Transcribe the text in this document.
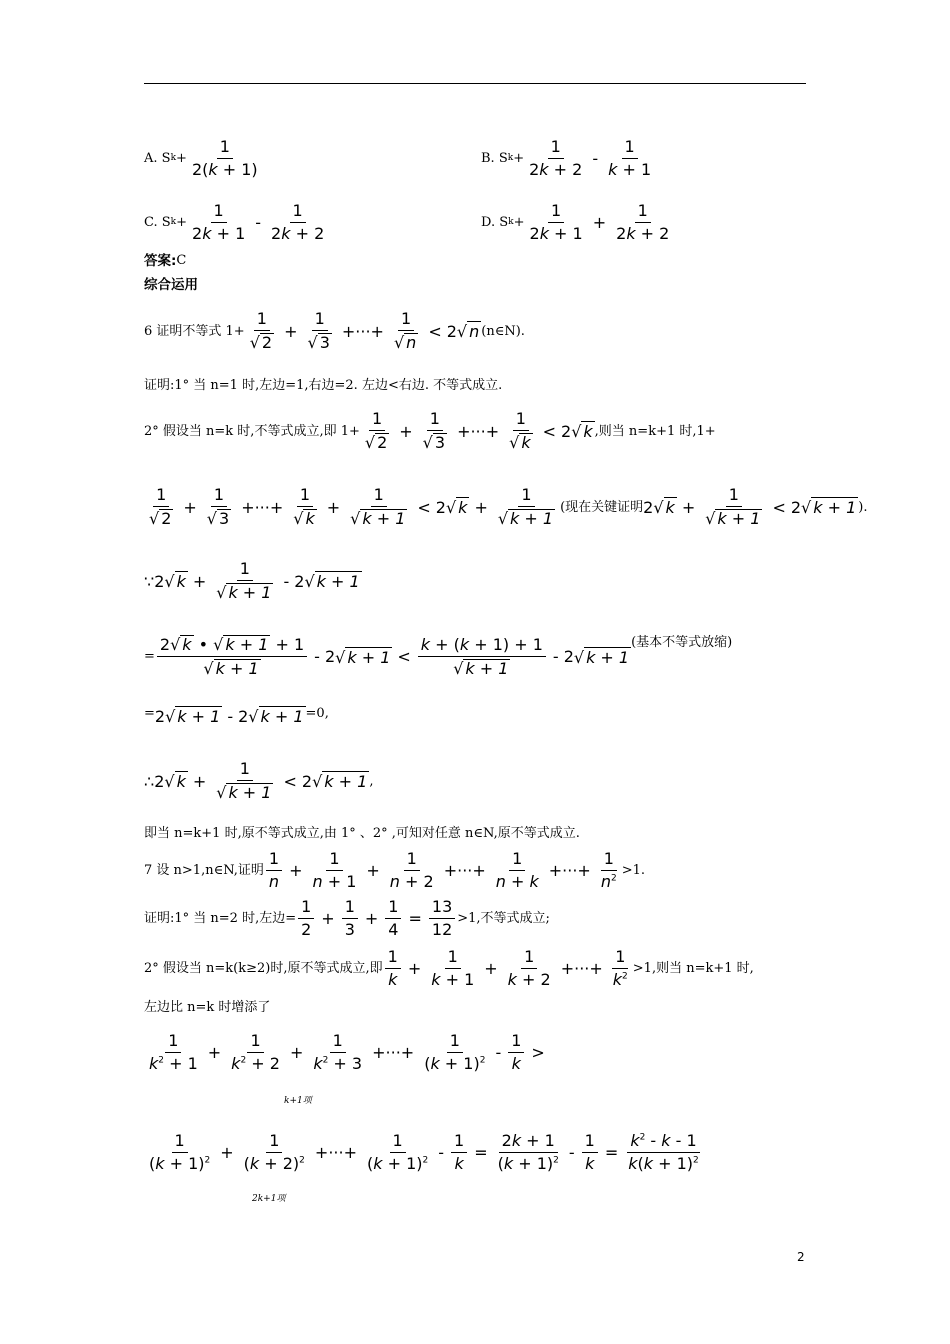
A. S $k + \frac{1}{2(k + 1)}$	B. S $k + \frac{1}{2k + 2} - \frac{1}{k + 1}$
C. S $k + \frac{1}{2k + 1} - \frac{1}{2k + 2}$	D. S $k + \frac{1}{2k + 1} + \frac{1}{2k + 2}$
答案: C
综合运用
6 证明不等式 $1+ \frac{1}{√ 2} + \frac{1}{√ 3}$ +···+ $\frac{1}{√ n} < 2$ √ n (n∈N).
证明:1° 当 n=1 时,左边=1,右边=2. 左边<右边. 不等式成立.
2° 假设当 n=k 时,不等式成立,即 $1+ \frac{1}{√ 2} + \frac{1}{√ 3}$ +···+ $\frac{1}{√ k} < 2$ √ k ,则当 n=k+1 时,1+
$\frac{1}{√ 2} + \frac{1}{√ 3}$ +···+ $\frac{1}{√ k} + \frac{1}{√ k + 1} < 2$ √ $k + \frac{1}{√ k + 1}$ (现在关键证明 2 √ $k + \frac{1}{√ k + 1} < 2$ √ k + 1 ).
∵ 2 √ $k + \frac{1}{√ k + 1} - 2$ √ k + 1
= $\frac{2 √ k • √ k + 1 + 1}{√ k + 1} - 2$ √ $k + 1 < \frac{k + (k + 1) + 1}{√ k + 1} - 2$ √ k + 1
(基本不等式放缩)
= 2 √ k + 1 - 2 √ k + 1 =0,
∴ 2 √ $k + \frac{1}{√ k + 1} < 2$ √ k + 1 ,
即当 n=k+1 时,原不等式成立,由 1° 、2° ,可知对任意 n∈N,原不等式成立.
7 设 n>1,n∈N,证明 $\frac{1}{n} + \frac{1}{n + 1} + \frac{1}{n + 2}$ +···+ $\frac{1}{n + k}$ +···+ $\frac{1}{n^2} >1$.
证明:1° 当 n=2 时,左边= $\frac{1}{2} + \frac{1}{3} + \frac{1}{4} = \frac{13}{12} >1$,不等式成立;
2° 假设当 n=k(k≥2)时,原不等式成立,即 $\frac{1}{k} + \frac{1}{k + 1} + \frac{1}{k + 2}$ +···+ $\frac{1}{k^2} >1$,则当 n=k+1 时,
左边比 n=k 时增添了
$\frac{1}{k^2 + 1} + \frac{1}{k^2 + 2} + \frac{1}{k^2 + 3}$ +···+ $\frac{1}{(k + 1)^2} - \frac{1}{k}$ >
k+1项
$\frac{1}{(k + 1)^2} + \frac{1}{(k + 2)^2}$ +···+ $\frac{1}{(k + 1)^2} - \frac{1}{k} = \frac{2k + 1}{(k + 1)^2} - \frac{1}{k} = \frac{k^2 - k - 1}{k(k + 1)^2}$
2k+1项
2
